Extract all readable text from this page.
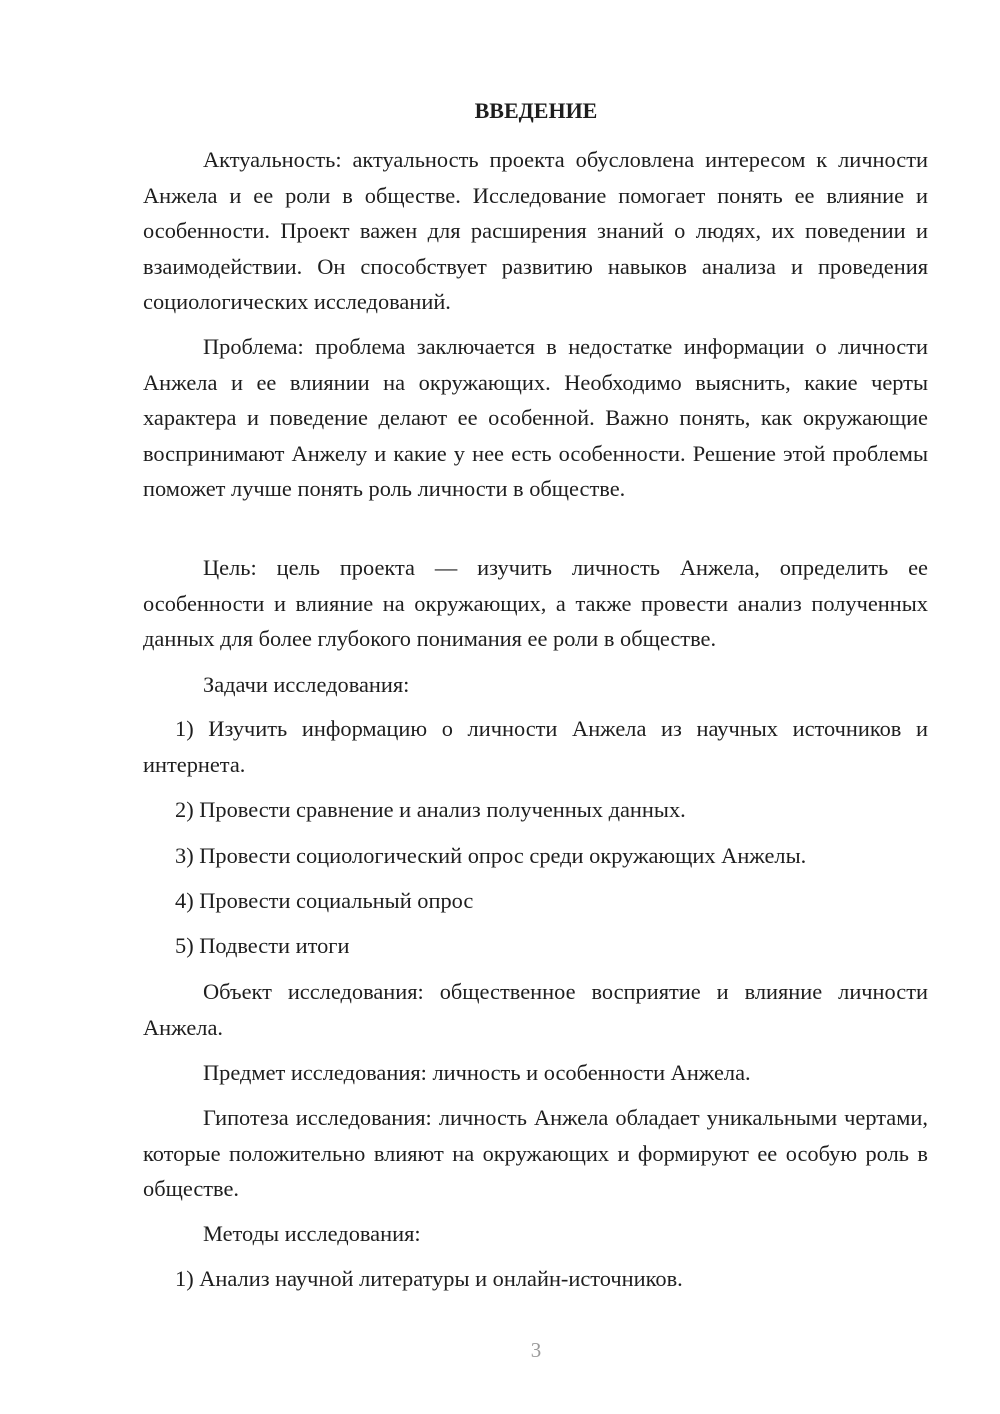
ВВЕДЕНИЕ

Актуальность: актуальность проекта обусловлена интересом к личности Анжела и ее роли в обществе. Исследование помогает понять ее влияние и особенности. Проект важен для расширения знаний о людях, их поведении и взаимодействии. Он способствует развитию навыков анализа и проведения социологических исследований.

Проблема: проблема заключается в недостатке информации о личности Анжела и ее влиянии на окружающих. Необходимо выяснить, какие черты характера и поведение делают ее особенной. Важно понять, как окружающие воспринимают Анжелу и какие у нее есть особенности. Решение этой проблемы поможет лучше понять роль личности в обществе.

Цель: цель проекта — изучить личность Анжела, определить ее особенности и влияние на окружающих, а также провести анализ полученных данных для более глубокого понимания ее роли в обществе.

Задачи исследования:

1) Изучить информацию о личности Анжела из научных источников и интернета.

2) Провести сравнение и анализ полученных данных.

3) Провести социологический опрос среди окружающих Анжелы.

4) Провести социальный опрос

5) Подвести итоги

Объект исследования: общественное восприятие и влияние личности Анжела.

Предмет исследования: личность и особенности Анжела.

Гипотеза исследования: личность Анжела обладает уникальными чертами, которые положительно влияют на окружающих и формируют ее особую роль в обществе.

Методы исследования:

1) Анализ научной литературы и онлайн-источников.

3
